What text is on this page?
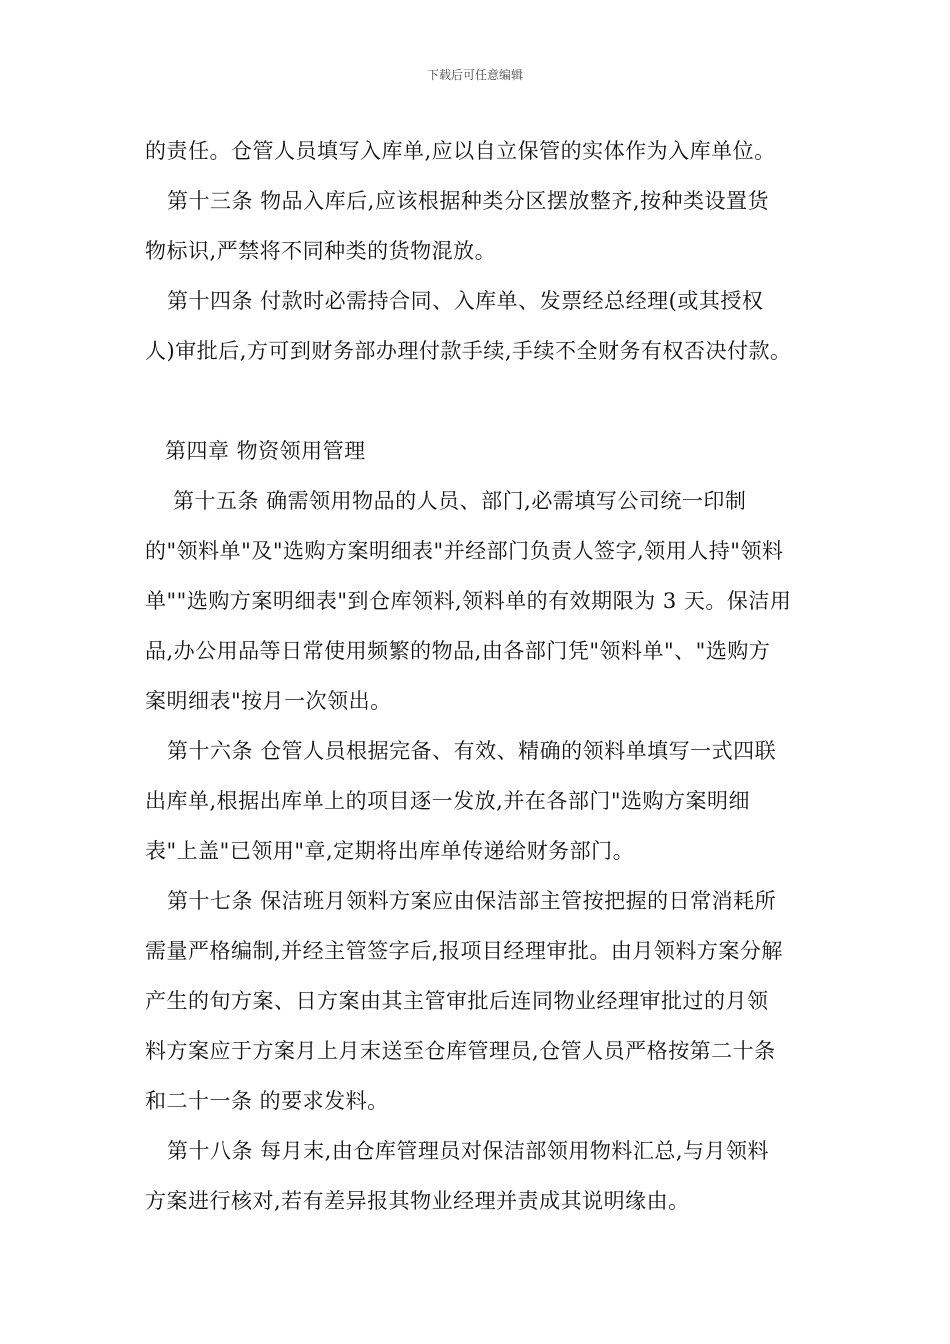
下载后可任意编辑
的责任。仓管人员填写入库单,应以自立保管的实体作为入库单位。
第十三条 物品入库后,应该根据种类分区摆放整齐,按种类设置货
物标识,严禁将不同种类的货物混放。
第十四条 付款时必需持合同、入库单、发票经总经理(或其授权
人)审批后,方可到财务部办理付款手续,手续不全财务有权否决付款。
第四章 物资领用管理
第十五条 确需领用物品的人员、部门,必需填写公司统一印制
的"领料单"及"选购方案明细表"并经部门负责人签字,领用人持"领料
单""选购方案明细表"到仓库领料,领料单的有效期限为 3 天。保洁用
品,办公用品等日常使用频繁的物品,由各部门凭"领料单"、"选购方
案明细表"按月一次领出。
第十六条 仓管人员根据完备、有效、精确的领料单填写一式四联
出库单,根据出库单上的项目逐一发放,并在各部门"选购方案明细
表"上盖"已领用"章,定期将出库单传递给财务部门。
第十七条 保洁班月领料方案应由保洁部主管按把握的日常消耗所
需量严格编制,并经主管签字后,报项目经理审批。由月领料方案分解
产生的旬方案、日方案由其主管审批后连同物业经理审批过的月领
料方案应于方案月上月末送至仓库管理员,仓管人员严格按第二十条
和二十一条 的要求发料。
第十八条 每月末,由仓库管理员对保洁部领用物料汇总,与月领料
方案进行核对,若有差异报其物业经理并责成其说明缘由。
